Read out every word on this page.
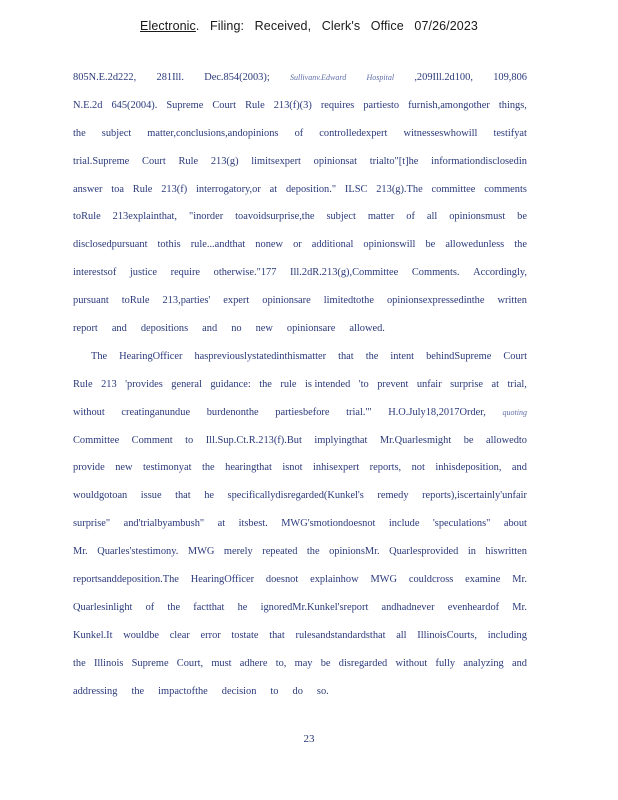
Electronic. Filing: Received, Clerk's Office 07/26/2023
805N.E.2d222, 281Ill. Dec.854(2003);	Sullivanv.Edward	Hospital ,209Ill.2d100, 109,806
N.E.2d 645(2004). Supreme Court Rule 213(f)(3) requires partiesto furnish,amongother things,
the subject matter,conclusions,andopinions of controlledexpert witnesseswhowill testifyat
trial.Supreme Court Rule 213(g) limitsexpert opinionsat trialto"[t]he informationdisclosedin
answer toa Rule 213(f) interrogatory,or at deposition." ILSC 213(g).The committee comments
toRule 213explainthat, "inorder toavoidsurprise,the subject matter of all opinionsmust be
disclosedpursuant tothis rule...andthat nonew or additional opinionswill be allowedunless the
interestsof justice require otherwise."177 Ill.2dR.213(g),Committee Comments. Accordingly,
pursuant toRule 213,parties' expert opinionsare limitedtothe opinionsexpressedinthe written
report and depositions and no new opinionsare allowed.
The HearingOfficer haspreviouslystatedinthismatter that the intent behindSupreme Court
Rule 213 'provides general guidance: the rule is intended 'to prevent unfair surprise at trial,
without creatinganundue burdenonthe partiesbefore trial.'" H.O.July18,2017Order, quoting
Committee Comment to Ill.Sup.Ct.R.213(f).But implyingthat Mr.Quarlesmight be allowedto
provide new testimonyat the hearingthat isnot inhisexpert reports, not inhisdeposition, and
wouldgotoan issue that he specificallydisregarded(Kunkel's remedy reports),iscertainly'unfair
surprise" and'trialbyambush" at itsbest. MWG'smotiondoesnot include 'speculations" about
Mr. Quarles'stestimony. MWG merely repeated the opinionsMr. Quarlesprovided in hiswritten
reportsanddeposition.The HearingOfficer doesnot explainhow MWG couldcross examine Mr.
Quarlesinlight of the factthat he ignoredMr.Kunkel'sreport andhadnever evenheardof Mr.
Kunkel.It wouldbe clear error tostate that rulesandstandardsthat all IllinoisCourts, including
the Illinois Supreme Court, must adhere to, may be disregarded without fully analyzing and
addressing the impactofthe decision to do so.
23
